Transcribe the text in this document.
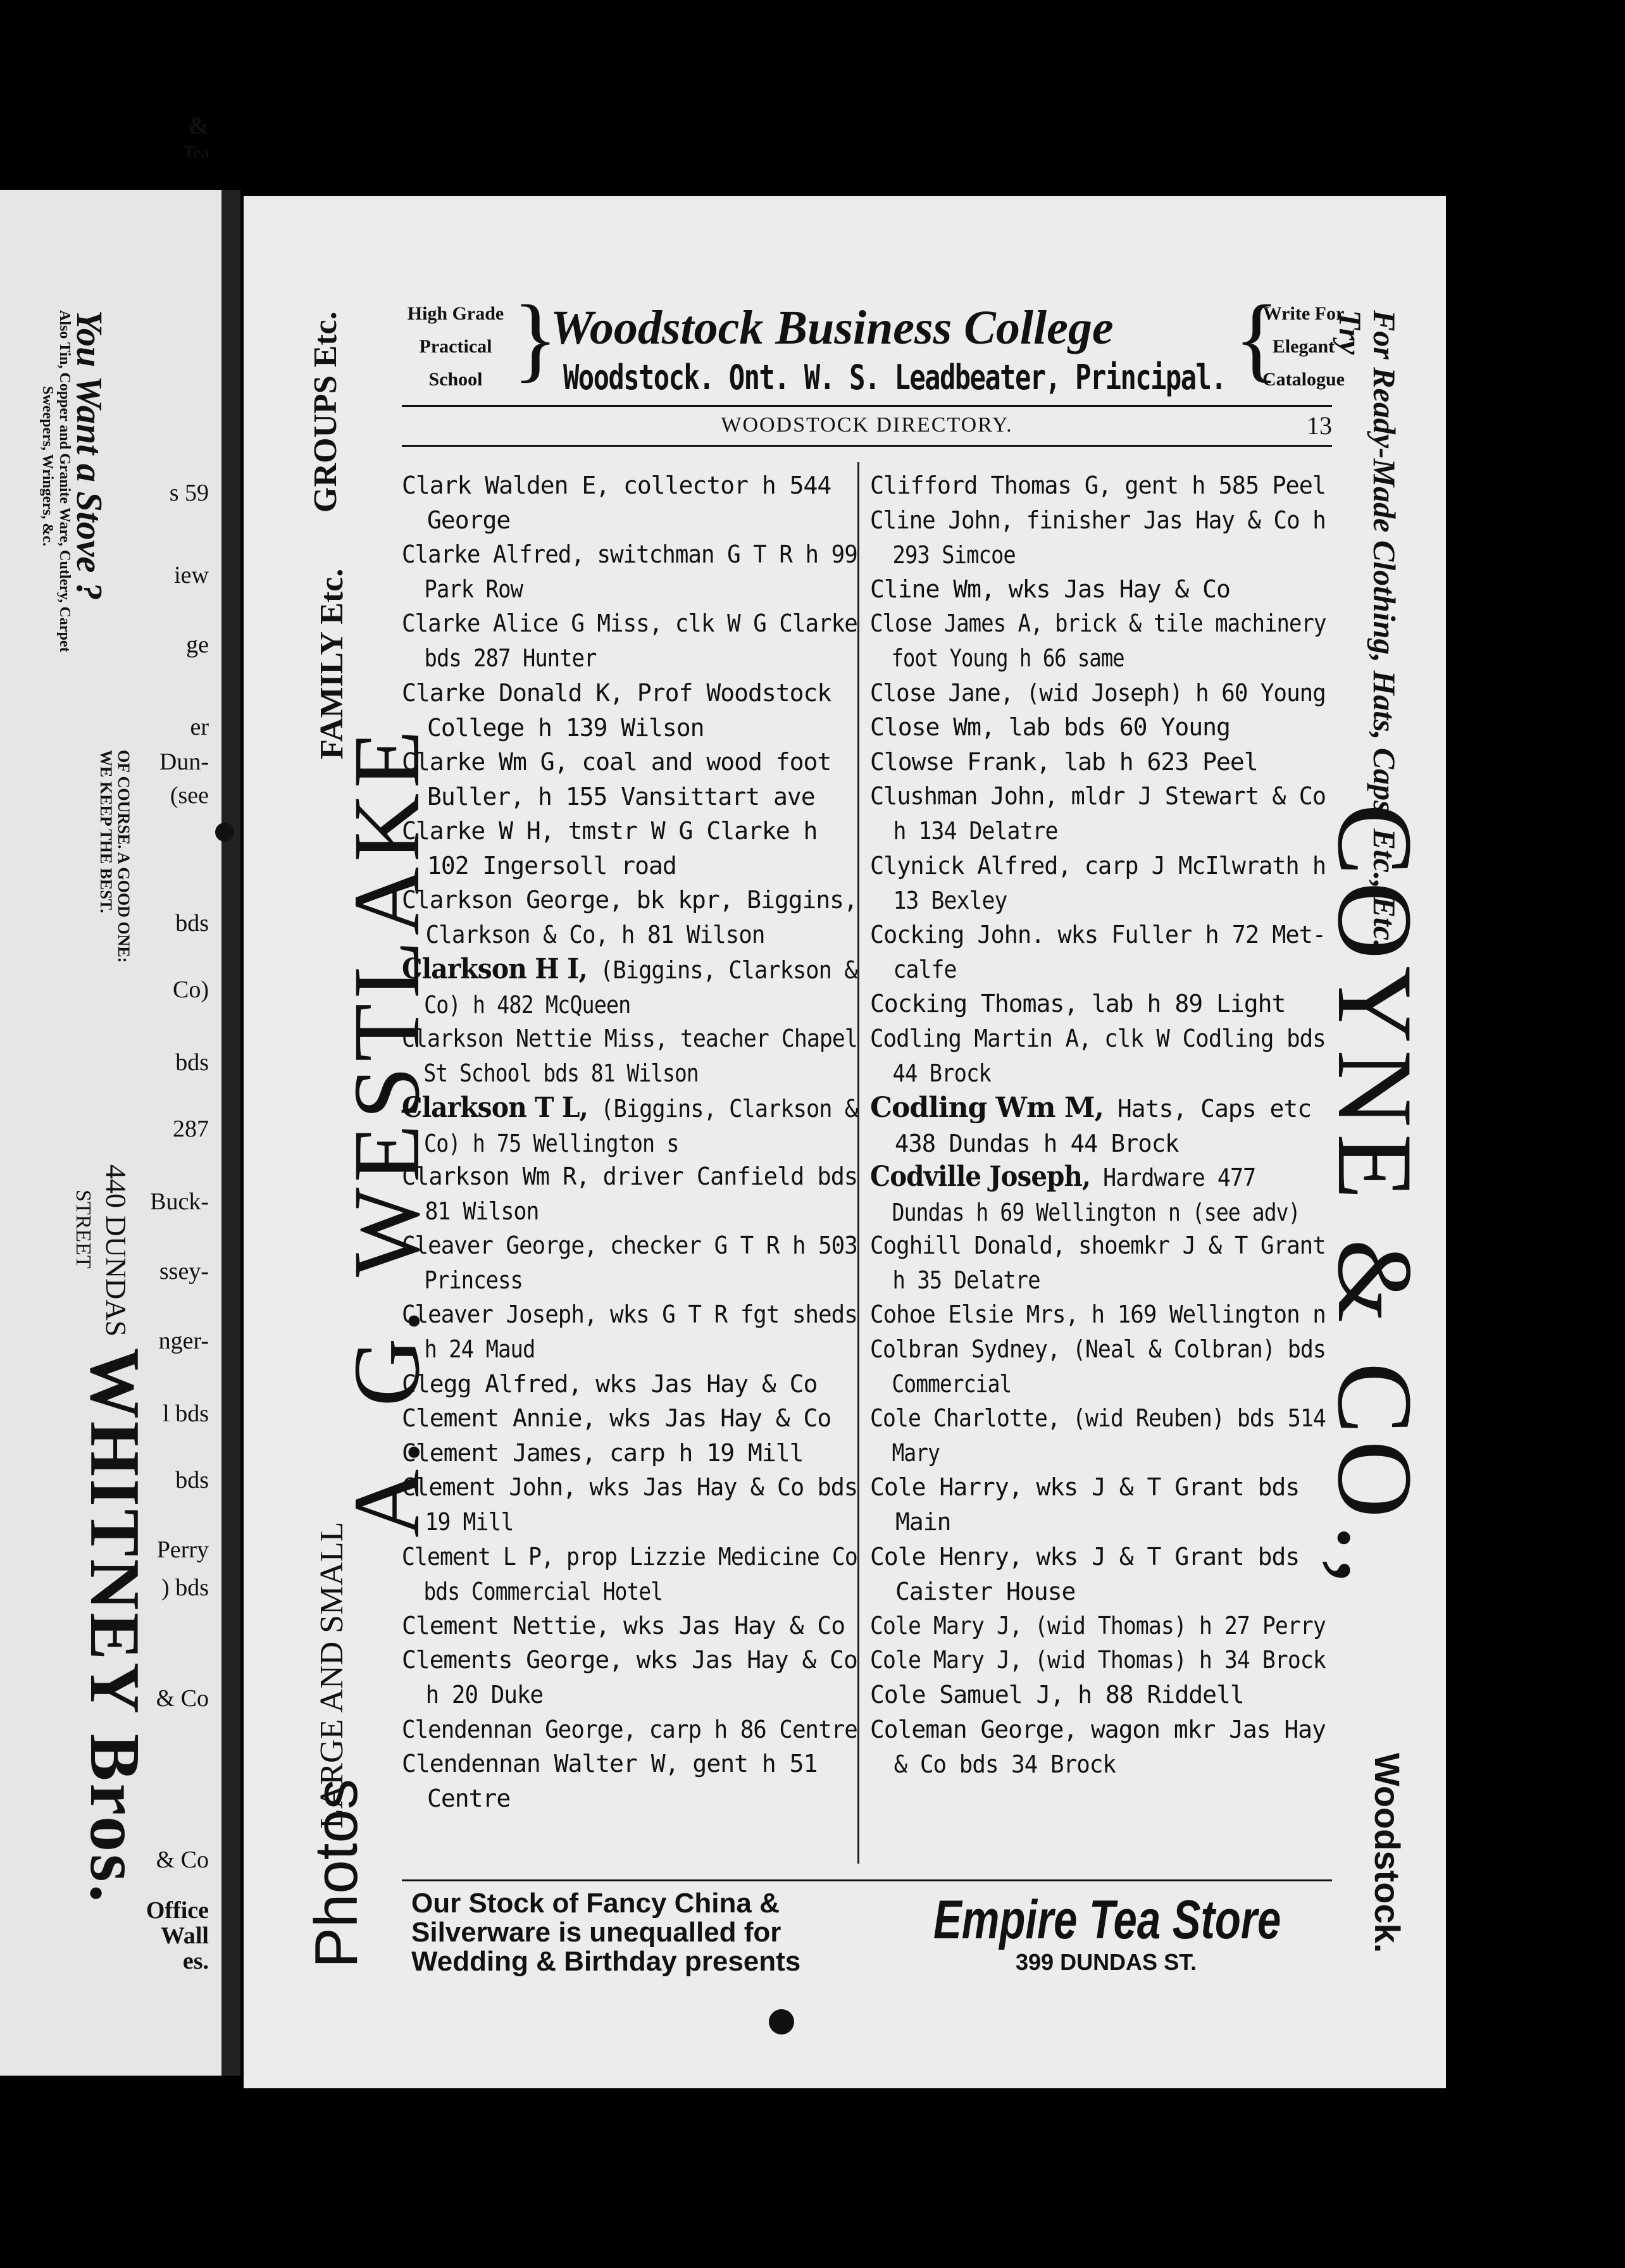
&
Tea
s 59
iew
ge
er
Dun-
(see
bds
Co)
bds
287
Buck-
ssey-
nger-
l bds
bds
Perry
) bds
& Co
& Co
Office
Wall
es.
You Want a Stove ?
Also Tin, Copper and Granite Ware, Cutlery, Carpet
Sweepers, Wringers, &c.
OF COURSE. A GOOD ONE:
WE KEEP THE BEST.
440 DUNDAS
STREET
WHITNEY Bros.
GROUPS Etc.
FAMILY Etc.
A. G. WESTLAKE
LARGE AND SMALL
Photos
High Grade
Practical
School }
Woodstock Business College
Woodstock. Ont. W. S. Leadbeater, Principal. {
Write For
Elegant
Catalogue
WOODSTOCK DIRECTORY.	13
Clark Walden E, collector h 544
George
Clarke Alfred, switchman G T R h 99
Park Row
Clarke Alice G Miss, clk W G Clarke
bds 287 Hunter
Clarke Donald K, Prof Woodstock
College h 139 Wilson
Clarke Wm G, coal and wood foot
Buller, h 155 Vansittart ave
Clarke W H, tmstr W G Clarke h
102 Ingersoll road
Clarkson George, bk kpr, Biggins,
Clarkson & Co, h 81 Wilson
Clarkson H I, (Biggins, Clarkson &
Co) h 482 McQueen
Clarkson Nettie Miss, teacher Chapel
St School bds 81 Wilson
Clarkson T L, (Biggins, Clarkson &
Co) h 75 Wellington s
Clarkson Wm R, driver Canfield bds
81 Wilson
Cleaver George, checker G T R h 503
Princess
Cleaver Joseph, wks G T R fgt sheds
h 24 Maud
Clegg Alfred, wks Jas Hay & Co
Clement Annie, wks Jas Hay & Co
Clement James, carp h 19 Mill
Clement John, wks Jas Hay & Co bds
19 Mill
Clement L P, prop Lizzie Medicine Co
bds Commercial Hotel
Clement Nettie, wks Jas Hay & Co
Clements George, wks Jas Hay & Co
h 20 Duke
Clendennan George, carp h 86 Centre
Clendennan Walter W, gent h 51
Centre
Clifford Thomas G, gent h 585 Peel
Cline John, finisher Jas Hay & Co h
293 Simcoe
Cline Wm, wks Jas Hay & Co
Close James A, brick & tile machinery
foot Young h 66 same
Close Jane, (wid Joseph) h 60 Young
Close Wm, lab bds 60 Young
Clowse Frank, lab h 623 Peel
Clushman John, mldr J Stewart & Co
h 134 Delatre
Clynick Alfred, carp J McIlwrath h
13 Bexley
Cocking John. wks Fuller h 72 Met-
calfe
Cocking Thomas, lab h 89 Light
Codling Martin A, clk W Codling bds
44 Brock
Codling Wm M, Hats, Caps etc
438 Dundas h 44 Brock
Codville Joseph, Hardware 477
Dundas h 69 Wellington n (see adv)
Coghill Donald, shoemkr J & T Grant
h 35 Delatre
Cohoe Elsie Mrs, h 169 Wellington n
Colbran Sydney, (Neal & Colbran) bds
Commercial
Cole Charlotte, (wid Reuben) bds 514
Mary
Cole Harry, wks J & T Grant bds
Main
Cole Henry, wks J & T Grant bds
Caister House
Cole Mary J, (wid Thomas) h 27 Perry
Cole Mary J, (wid Thomas) h 34 Brock
Cole Samuel J, h 88 Riddell
Coleman George, wagon mkr Jas Hay
& Co bds 34 Brock
Our Stock of Fancy China &
Silverware is unequalled for
Wedding & Birthday presents
Empire Tea Store
399 DUNDAS ST.
For Ready-Made Clothing, Hats, Caps, Etc., Etc. Try
COYNE & CO.,
Woodstock.
